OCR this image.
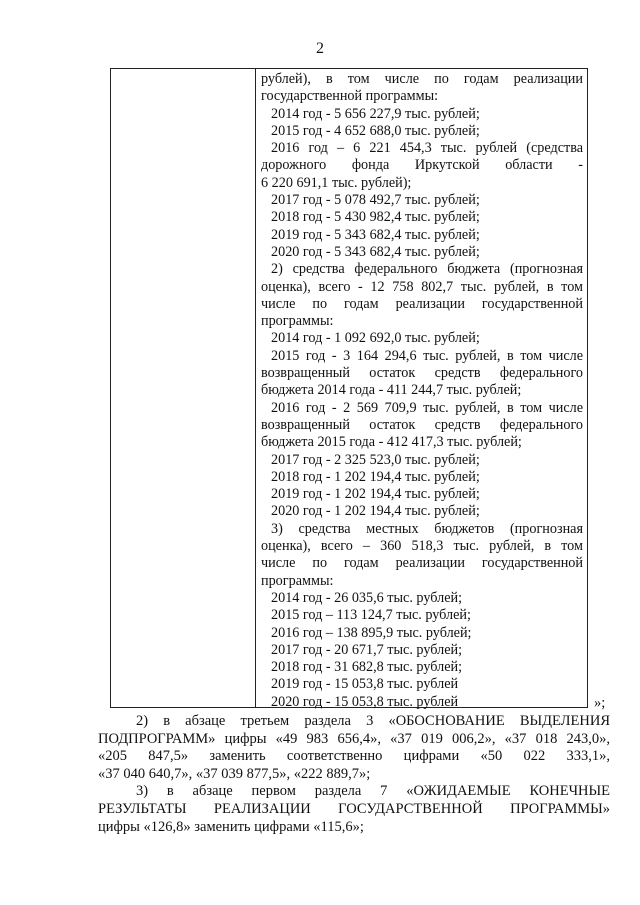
2
рублей), в том числе по годам реализации
государственной программы:
2014 год - 5 656 227,9 тыс. рублей;
2015 год - 4 652 688,0 тыс. рублей;
2016 год – 6 221 454,3 тыс. рублей (средства
дорожного фонда Иркутской области -
6 220 691,1 тыс. рублей);
2017 год - 5 078 492,7 тыс. рублей;
2018 год - 5 430 982,4 тыс. рублей;
2019 год - 5 343 682,4 тыс. рублей;
2020 год - 5 343 682,4 тыс. рублей;
2) средства федерального бюджета (прогнозная
оценка), всего - 12 758 802,7 тыс. рублей, в том
числе по годам реализации государственной
программы:
2014 год - 1 092 692,0 тыс. рублей;
2015 год - 3 164 294,6 тыс. рублей, в том числе
возвращенный остаток средств федерального
бюджета 2014 года - 411 244,7 тыс. рублей;
2016 год - 2 569 709,9 тыс. рублей, в том числе
возвращенный остаток средств федерального
бюджета 2015 года - 412 417,3 тыс. рублей;
2017 год - 2 325 523,0 тыс. рублей;
2018 год - 1 202 194,4 тыс. рублей;
2019 год - 1 202 194,4 тыс. рублей;
2020 год - 1 202 194,4 тыс. рублей;
3) средства местных бюджетов (прогнозная
оценка), всего – 360 518,3 тыс. рублей, в том
числе по годам реализации государственной
программы:
2014 год - 26 035,6 тыс. рублей;
2015 год – 113 124,7 тыс. рублей;
2016 год – 138 895,9 тыс. рублей;
2017 год - 20 671,7 тыс. рублей;
2018 год - 31 682,8 тыс. рублей;
2019 год - 15 053,8 тыс. рублей
2020 год - 15 053,8 тыс. рублей	»;

2) в абзаце третьем раздела 3 «ОБОСНОВАНИЕ ВЫДЕЛЕНИЯ

ПОДПРОГРАММ» цифры «49 983 656,4», «37 019 006,2», «37 018 243,0»,

«205 847,5» заменить соответственно цифрами «50 022 333,1»,

«37 040 640,7», «37 039 877,5», «222 889,7»;

3) в абзаце первом раздела 7 «ОЖИДАЕМЫЕ КОНЕЧНЫЕ

РЕЗУЛЬТАТЫ РЕАЛИЗАЦИИ ГОСУДАРСТВЕННОЙ ПРОГРАММЫ»

цифры «126,8» заменить цифрами «115,6»;
